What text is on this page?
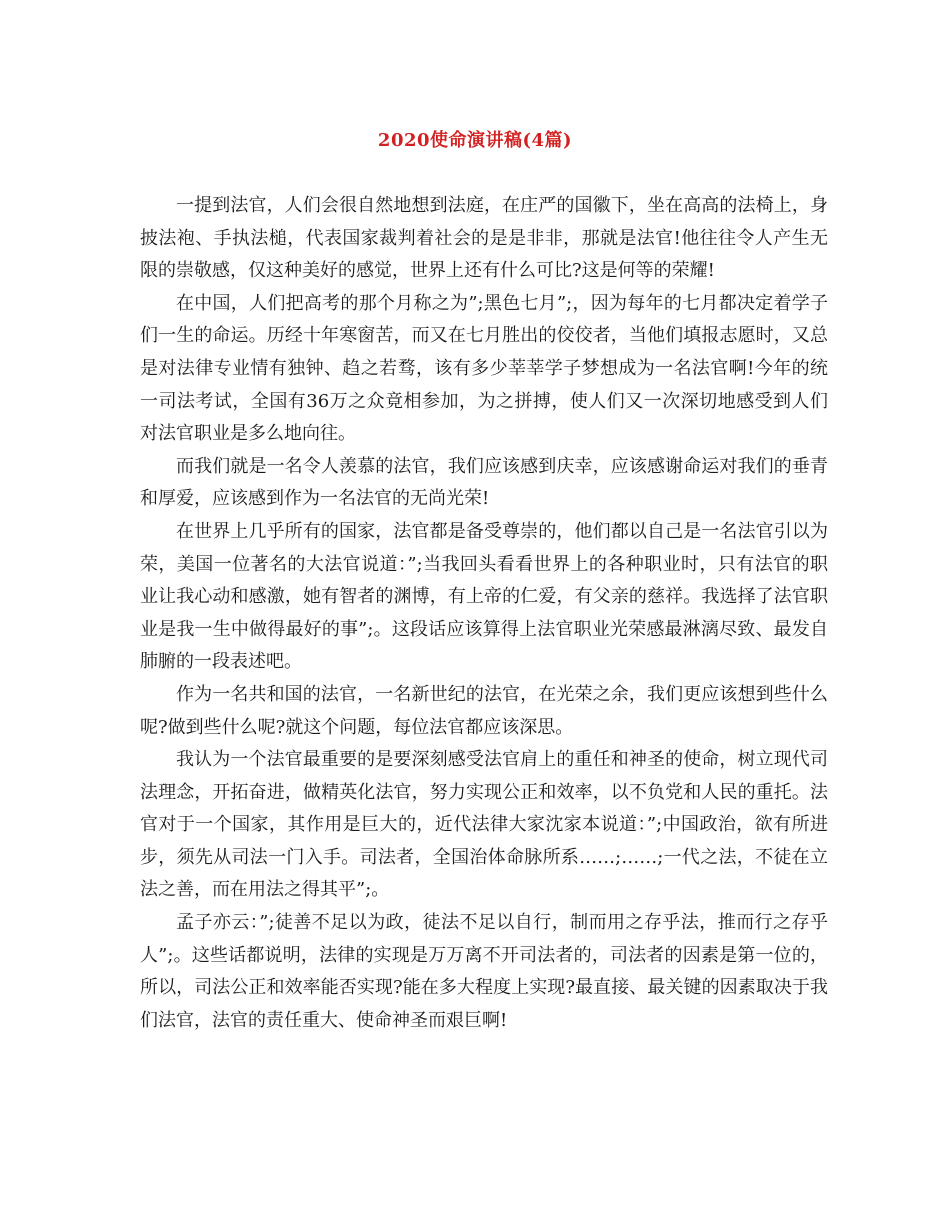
2020使命演讲稿(4篇)

一提到法官，人们会很自然地想到法庭，在庄严的国徽下，坐在高高的法椅上，身披法袍、手执法槌，代表国家裁判着社会的是是非非，那就是法官!他往往令人产生无限的崇敬感，仅这种美好的感觉，世界上还有什么可比?这是何等的荣耀!

在中国，人们把高考的那个月称之为”;黑色七月”;，因为每年的七月都决定着学子们一生的命运。历经十年寒窗苦，而又在七月胜出的佼佼者，当他们填报志愿时，又总是对法律专业情有独钟、趋之若骛，该有多少莘莘学子梦想成为一名法官啊!今年的统一司法考试，全国有36万之众竟相参加，为之拼搏，使人们又一次深切地感受到人们对法官职业是多么地向往。

而我们就是一名令人羡慕的法官，我们应该感到庆幸，应该感谢命运对我们的垂青和厚爱，应该感到作为一名法官的无尚光荣!

在世界上几乎所有的国家，法官都是备受尊崇的，他们都以自己是一名法官引以为荣，美国一位著名的大法官说道：”;当我回头看看世界上的各种职业时，只有法官的职业让我心动和感激，她有智者的渊博，有上帝的仁爱，有父亲的慈祥。我选择了法官职业是我一生中做得最好的事”;。这段话应该算得上法官职业光荣感最淋漓尽致、最发自肺腑的一段表述吧。

作为一名共和国的法官，一名新世纪的法官，在光荣之余，我们更应该想到些什么呢?做到些什么呢?就这个问题，每位法官都应该深思。

我认为一个法官最重要的是要深刻感受法官肩上的重任和神圣的使命，树立现代司法理念，开拓奋进，做精英化法官，努力实现公正和效率，以不负党和人民的重托。法官对于一个国家，其作用是巨大的，近代法律大家沈家本说道：”;中国政治，欲有所进步，须先从司法一门入手。司法者，全国治体命脉所系……;……;一代之法，不徒在立法之善，而在用法之得其平”;。

孟子亦云：”;徒善不足以为政，徒法不足以自行，制而用之存乎法，推而行之存乎人”;。这些话都说明，法律的实现是万万离不开司法者的，司法者的因素是第一位的，所以，司法公正和效率能否实现?能在多大程度上实现?最直接、最关键的因素取决于我们法官，法官的责任重大、使命神圣而艰巨啊!
